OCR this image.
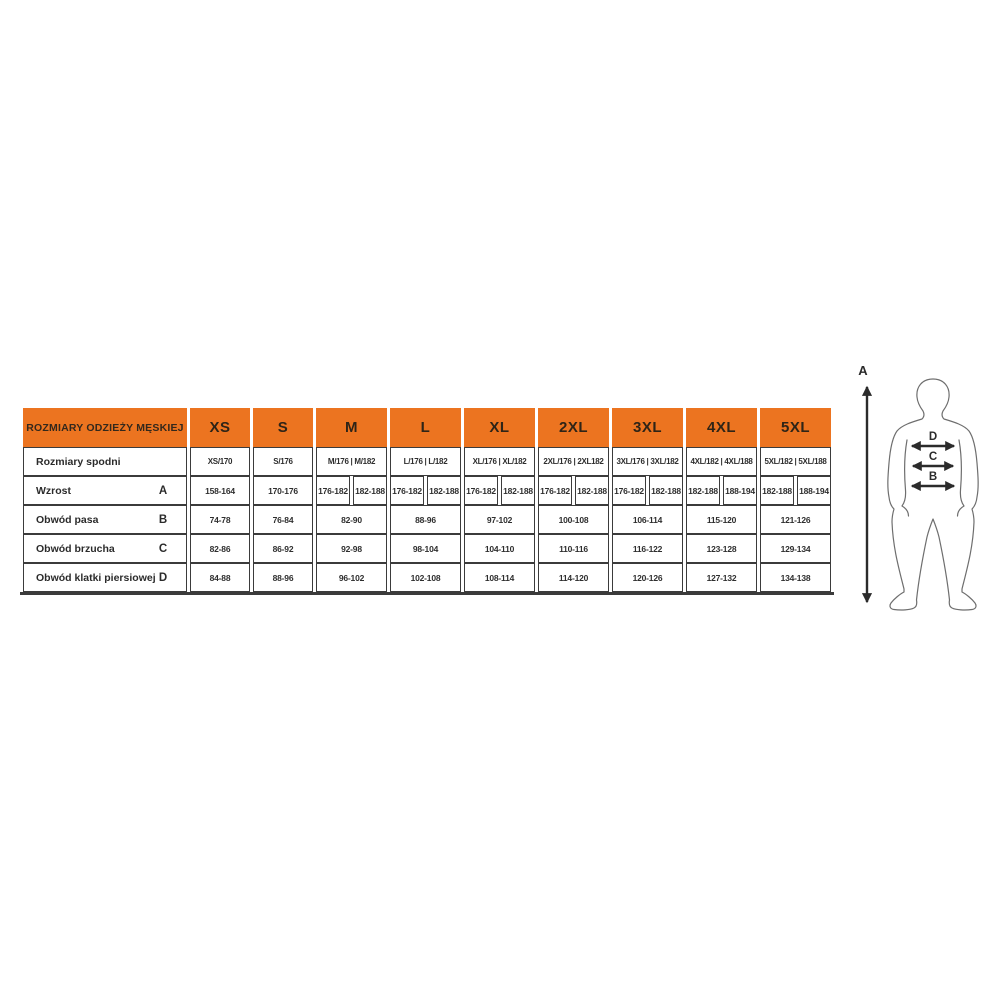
ROZMIARY ODZIEŻY MĘSKIEJ	XS	S	M		L		XL		2XL		3XL		4XL		5XL	

Rozmiary spodni	XS/170	S/176	M/176 | M/182		L/176 | L/182		XL/176 | XL/182		2XL/176 | 2XL182		3XL/176 | 3XL/182		4XL/182 | 4XL/188		5XL/182 | 5XL/188	

Wzrost A	158-164	170-176	176-182	182-188	176-182	182-188	176-182	182-188	176-182	182-188	176-182	182-188	182-188	188-194	182-188	188-194

Obwód pasa B	74-78	76-84	82-90		88-96		97-102		100-108		106-114		115-120		121-126	

Obwód brzucha C	82-86	86-92	92-98		98-104		104-110		110-116		116-122		123-128		129-134	

Obwód klatki piersiowej D	84-88	88-96	96-102		102-108		108-114		114-120		120-126		127-132		134-138	
A
D
C
B
